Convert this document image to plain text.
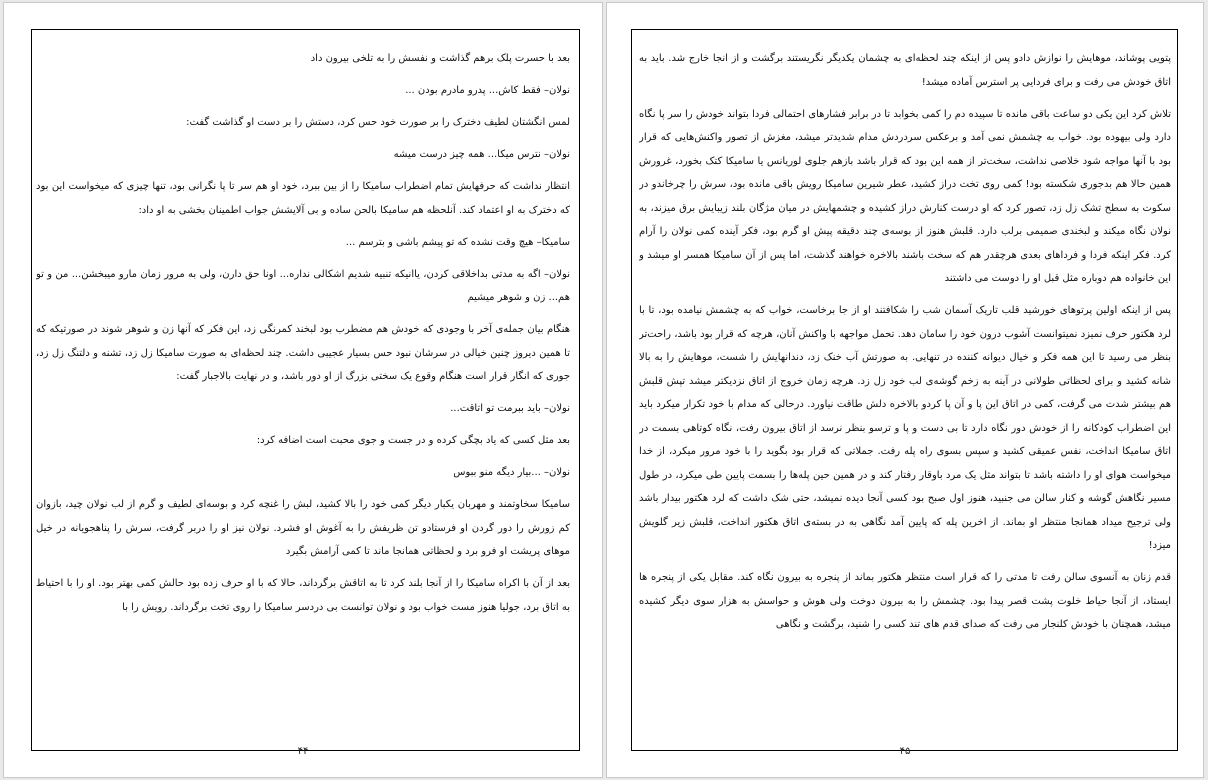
بعد با حسرت پلک برهم گذاشت و نفسش را به تلخی بیرون داد

نولان– فقط کاش... پدرو مادرم بودن ...

لمس انگشتان لطیف دخترک را بر صورت خود حس کرد، دستش را بر دست او گذاشت گفت:

نولان– نترس میکا... همه چیز درست میشه

انتظار نداشت که حرفهایش تمام اضطراب سامیکا را از بین ببرد، خود او هم سر تا پا نگرانی بود، تنها چیزی که میخواست این بود که دخترک به او اعتماد کند. آنلحظه هم سامیکا بالحن ساده و بی آلایشش جواب اطمینان بخشی به او داد:

سامیکا– هیچ وقت نشده که تو پیشم باشی و بترسم ...

نولان– اگه به مدتی بداخلاقی کردن، یاانیکه تنبیه شدیم اشکالی نداره... اونا حق دارن، ولی به مرور زمان مارو میبخشن... من و تو هم... زن و شوهر میشیم

هنگام بیان جمله‌ی آخر با وجودی که خودش هم مضطرب بود لبخند کمرنگی زد، این فکر که آنها زن و شوهر شوند در صورتیکه که تا همین دیروز چنین خیالی در سرشان نبود حس بسیار عجیبی داشت. چند لحظه‌ای به صورت سامیکا زل زد، تشنه و دلتنگ زل زد، جوری که انگار قرار است هنگام وقوع یک سختی بزرگ از او دور باشد، و در نهایت بالاجبار گفت:

نولان– باید ببرمت تو اتاقت...

بعد مثل کسی که یاد بچگی کرده و در جست و جوی محبت است اضافه کرد:

نولان– ...بیار دیگه منو ببوس

سامیکا سخاوتمند و مهربان یکبار دیگر کمی خود را بالا کشید، لبش را غنچه کرد و بوسه‌ای لطیف و گرم از لب نولان چید، بازوان کم زورش را دور گردن او فرستادو تن ظریفش را به آغوش او فشرد. نولان نیز او را دربر گرفت، سرش را پناهجویانه در خیل موهای پریشت او فرو برد و لحظاتی همانجا ماند تا کمی آرامش بگیرد

بعد از آن با اکراه سامیکا را از آنجا بلند کرد تا به اتاقش برگرداند، حالا که با او حرف زده بود حالش کمی بهتر بود. او را با احتیاط به اتاق برد، جولیا هنوز مست خواب بود و نولان توانست بی دردسر سامیکا را روی تخت برگرداند. رویش را با

۴۴

پتویی پوشاند، موهایش را نوازش دادو پس از اینکه چند لحظه‌ای به چشمان یکدیگر نگریستند برگشت و از انجا خارج شد. باید به اتاق خودش می رفت و برای فردایی پر استرس آماده میشد!

تلاش کرد این یکی دو ساعت باقی مانده تا سپیده دم را کمی بخوابد تا در برابر فشارهای احتمالی فردا بتواند خودش را سر پا نگاه دارد ولی بیهوده بود. خواب به چشمش نمی آمد و برعکس سردردش مدام شدیدتر میشد، مغزش از تصور واکنش‌هایی که قرار بود با آنها مواجه شود خلاصی نداشت، سخت‌تر از همه این بود که قرار باشد بازهم جلوی لوریانس یا سامیکا کتک بخورد، غرورش همین حالا هم بدجوری شکسته بود! کمی روی تخت دراز کشید، عطر شیرین سامیکا رویش باقی مانده بود، سرش را چرخاندو در سکوت به سطح تشک زل زد، تصور کرد که او درست کنارش دراز کشیده و چشمهایش در میان مژگان بلند زیبایش برق میزند، به نولان نگاه میکند و لبخندی صمیمی برلب دارد. قلبش هنوز از بوسه‌ی چند دقیقه پیش او گرم بود، فکر آینده کمی نولان را آرام کرد. فکر اینکه فردا و فرداهای بعدی هرچقدر هم که سخت باشند بالاخره خواهند گذشت، اما پس از آن سامیکا همسر او میشد و این خانواده هم دوباره مثل قبل او را دوست می داشتند

پس از اینکه اولین پرتوهای خورشید قلب تاریک آسمان شب را شکافتند او از جا برخاست، خواب که به چشمش نیامده بود، تا با لرد هکتور حرف نمیزد نمیتوانست آشوب درون خود را سامان دهد. تحمل مواجهه با واکنش آنان، هرچه که قرار بود باشد، راحت‌تر بنظر می رسید تا این همه فکر و خیال دیوانه کننده در تنهایی. به صورتش آب خنک زد، دندانهایش را شست، موهایش را به بالا شانه کشید و برای لحظاتی طولانی در آینه به زخم گوشه‌ی لب خود زل زد. هرچه زمان خروج از اتاق نزدیکتر میشد تپش قلبش هم بیشتر شدت می گرفت، کمی در اتاق این پا و آن پا کردو بالاخره دلش طاقت نیاورد. درحالی که مدام با خود تکرار میکرد باید این اضطراب کودکانه را از خودش دور نگاه دارد تا بی دست و پا و ترسو بنظر نرسد از اتاق بیرون رفت، نگاه کوتاهی بسمت در اتاق سامیکا انداخت، نفس عمیقی کشید و سپس بسوی راه پله رفت. جملاتی که قرار بود بگوید را با خود مرور میکرد، از خدا میخواست هوای او را داشته باشد تا بتواند مثل یک مرد باوقار رفتار کند و در همین حین پله‌ها را بسمت پایین طی میکرد، در طول مسیر نگاهش گوشه و کنار سالن می جنبید، هنوز اول صبح بود کسی آنجا دیده نمیشد، حتی شک داشت که لرد هکتور بیدار باشد ولی ترجیح میداد همانجا منتظر او بماند. از اخرین پله که پایین آمد نگاهی به در بسته‌ی اتاق هکتور انداخت، قلبش زیر گلویش میزد!

قدم زنان به آنسوی سالن رفت تا مدتی را که قرار است منتظر هکتور بماند از پنجره به بیرون نگاه کند. مقابل یکی از پنجره ها ایستاد، از آنجا حیاط خلوت پشت قصر پیدا بود. چشمش را به بیرون دوخت ولی هوش و حواسش به هزار سوی دیگر کشیده میشد، همچنان با خودش کلنجار می رفت که صدای قدم های تند کسی را شنید، برگشت و نگاهی

۴۵
